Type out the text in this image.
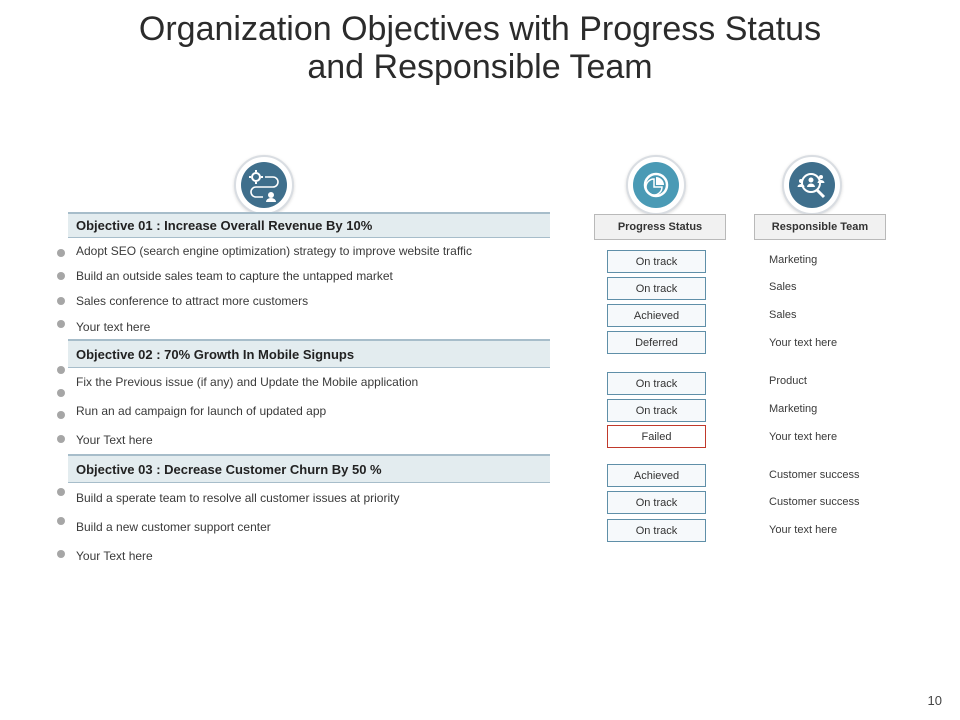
Organization Objectives with Progress Status
and Responsible Team
Progress Status	Responsible Team
Objective 01 : Increase Overall Revenue By 10%
Adopt SEO (search engine optimization) strategy to improve website traffic
Build an outside sales team to capture the untapped market
Sales conference to attract more customers
Your text here
Objective 02 : 70% Growth In Mobile Signups
Fix the Previous issue (if any) and Update the Mobile application
Run an ad campaign for launch of updated app
Your Text here
Objective 03 : Decrease Customer Churn By 50 %
Build a sperate team to resolve all customer issues at priority
Build a new customer support center
Your Text here
On track
On track
Achieved
Deferred
On track
On track
Failed
Achieved
On track
On track
Marketing
Sales
Sales
Your text here
Product
Marketing
Your text here
Customer success
Customer success
Your text here
10
